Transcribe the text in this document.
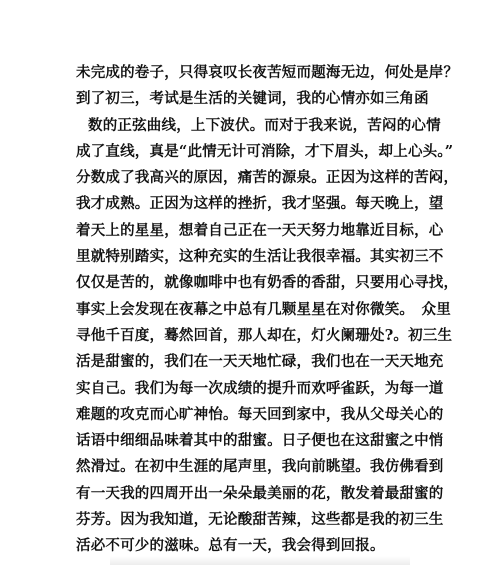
未完成的卷子，只得哀叹长夜苦短而题海无边，何处是岸？
到了初三，考试是生活的关键词，我的心情亦如三角函
数的正弦曲线，上下波伏。而对于我来说，苦闷的心情
成了直线，真是“此情无计可消除，才下眉头，却上心头。”
分数成了我高兴的原因，痛苦的源泉。正因为这样的苦闷，
我才成熟。正因为这样的挫折，我才坚强。每天晚上，望
着天上的星星，想着自己正在一天天努力地靠近目标，心
里就特别踏实，这种充实的生活让我很幸福。其实初三不
仅仅是苦的，就像咖啡中也有奶香的香甜，只要用心寻找，
事实上会发现在夜幕之中总有几颗星星在对你微笑。　众里
寻他千百度，蓦然回首，那人却在，灯火阑珊处?。初三生
活是甜蜜的，我们在一天天地忙碌，我们也在一天天地充
实自己。我们为每一次成绩的提升而欢呼雀跃，为每一道
难题的攻克而心旷神怡。每天回到家中，我从父母关心的
话语中细细品味着其中的甜蜜。日子便也在这甜蜜之中悄
然滑过。在初中生涯的尾声里，我向前眺望。我仿佛看到
有一天我的四周开出一朵朵最美丽的花，散发着最甜蜜的
芬芳。因为我知道，无论酸甜苦辣，这些都是我的初三生
活必不可少的滋味。总有一天，我会得到回报。
